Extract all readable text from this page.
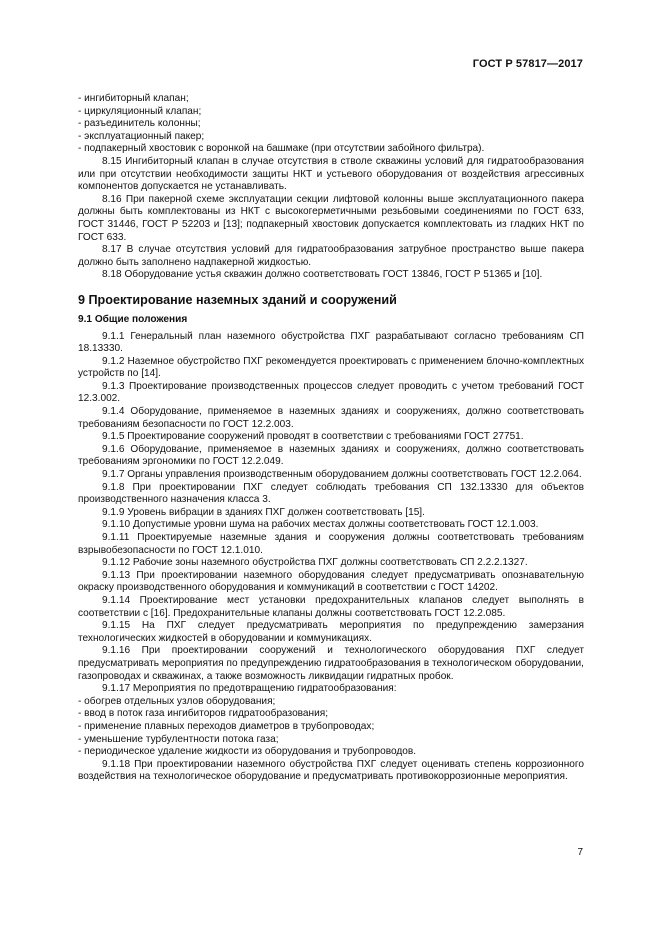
ГОСТ Р 57817—2017

- ингибиторный клапан;

- циркуляционный клапан;

- разъединитель колонны;

- эксплуатационный пакер;

- подпакерный хвостовик с воронкой на башмаке (при отсутствии забойного фильтра).

8.15 Ингибиторный клапан в случае отсутствия в стволе скважины условий для гидратообразования или при отсутствии необходимости защиты НКТ и устьевого оборудования от воздействия агрессивных компонентов допускается не устанавливать.

8.16 При пакерной схеме эксплуатации секции лифтовой колонны выше эксплуатационного пакера должны быть комплектованы из НКТ с высокогерметичными резьбовыми соединениями по ГОСТ 633, ГОСТ 31446, ГОСТ Р 52203 и [13]; подпакерный хвостовик допускается комплектовать из гладких НКТ по ГОСТ 633.

8.17 В случае отсутствия условий для гидратообразования затрубное пространство выше пакера должно быть заполнено надпакерной жидкостью.

8.18 Оборудование устья скважин должно соответствовать ГОСТ 13846, ГОСТ Р 51365 и [10].

9 Проектирование наземных зданий и сооружений
9.1 Общие положения

9.1.1 Генеральный план наземного обустройства ПХГ разрабатывают согласно требованиям СП 18.13330.

9.1.2 Наземное обустройство ПХГ рекомендуется проектировать с применением блочно-комплектных устройств по [14].

9.1.3 Проектирование производственных процессов следует проводить с учетом требований ГОСТ 12.3.002.

9.1.4 Оборудование, применяемое в наземных зданиях и сооружениях, должно соответствовать требованиям безопасности по ГОСТ 12.2.003.

9.1.5 Проектирование сооружений проводят в соответствии с требованиями ГОСТ 27751.

9.1.6 Оборудование, применяемое в наземных зданиях и сооружениях, должно соответствовать требованиям эргономики по ГОСТ 12.2.049.

9.1.7 Органы управления производственным оборудованием должны соответствовать ГОСТ 12.2.064.

9.1.8 При проектировании ПХГ следует соблюдать требования СП 132.13330 для объектов производственного назначения класса 3.

9.1.9 Уровень вибрации в зданиях ПХГ должен соответствовать [15].

9.1.10 Допустимые уровни шума на рабочих местах должны соответствовать ГОСТ 12.1.003.

9.1.11 Проектируемые наземные здания и сооружения должны соответствовать требованиям взрывобезопасности по ГОСТ 12.1.010.

9.1.12 Рабочие зоны наземного обустройства ПХГ должны соответствовать СП 2.2.2.1327.

9.1.13 При проектировании наземного оборудования следует предусматривать опознавательную окраску производственного оборудования и коммуникаций в соответствии с ГОСТ 14202.

9.1.14 Проектирование мест установки предохранительных клапанов следует выполнять в соответствии с [16]. Предохранительные клапаны должны соответствовать ГОСТ 12.2.085.

9.1.15 На ПХГ следует предусматривать мероприятия по предупреждению замерзания технологических жидкостей в оборудовании и коммуникациях.

9.1.16 При проектировании сооружений и технологического оборудования ПХГ следует предусматривать мероприятия по предупреждению гидратообразования в технологическом оборудовании, газопроводах и скважинах, а также возможность ликвидации гидратных пробок.

9.1.17 Мероприятия по предотвращению гидратообразования:

- обогрев отдельных узлов оборудования;

- ввод в поток газа ингибиторов гидратообразования;

- применение плавных переходов диаметров в трубопроводах;

- уменьшение турбулентности потока газа;

- периодическое удаление жидкости из оборудования и трубопроводов.

9.1.18 При проектировании наземного обустройства ПХГ следует оценивать степень коррозионного воздействия на технологическое оборудование и предусматривать противокоррозионные мероприятия.

7
